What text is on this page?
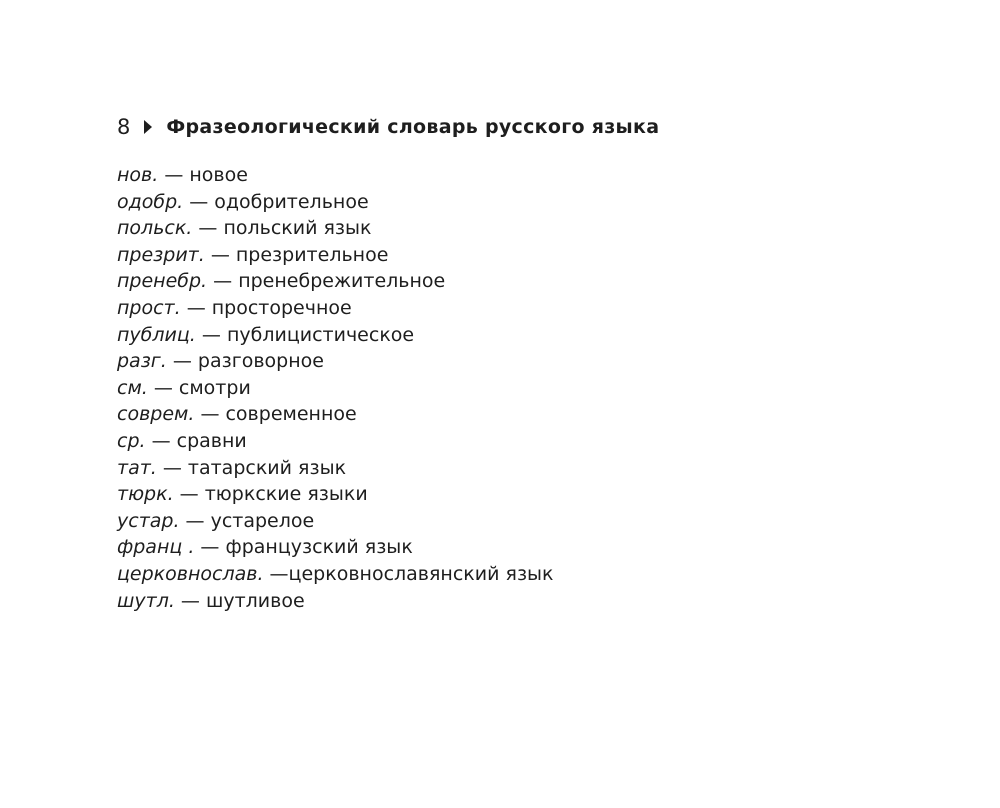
8 Фразеологический словарь русского языка
нов. — новое
одобр. — одобрительное
польск. — польский язык
презрит. — презрительное
пренебр. — пренебрежительное
прост. — просторечное
публиц. — публицистическое
разг. — разговорное
см. — смотри
соврем. — современное
ср. — сравни
тат. — татарский язык
тюрк. — тюркские языки
устар. — устарелое
франц . — французский язык
церковнослав. —церковнославянский язык
шутл. — шутливое
